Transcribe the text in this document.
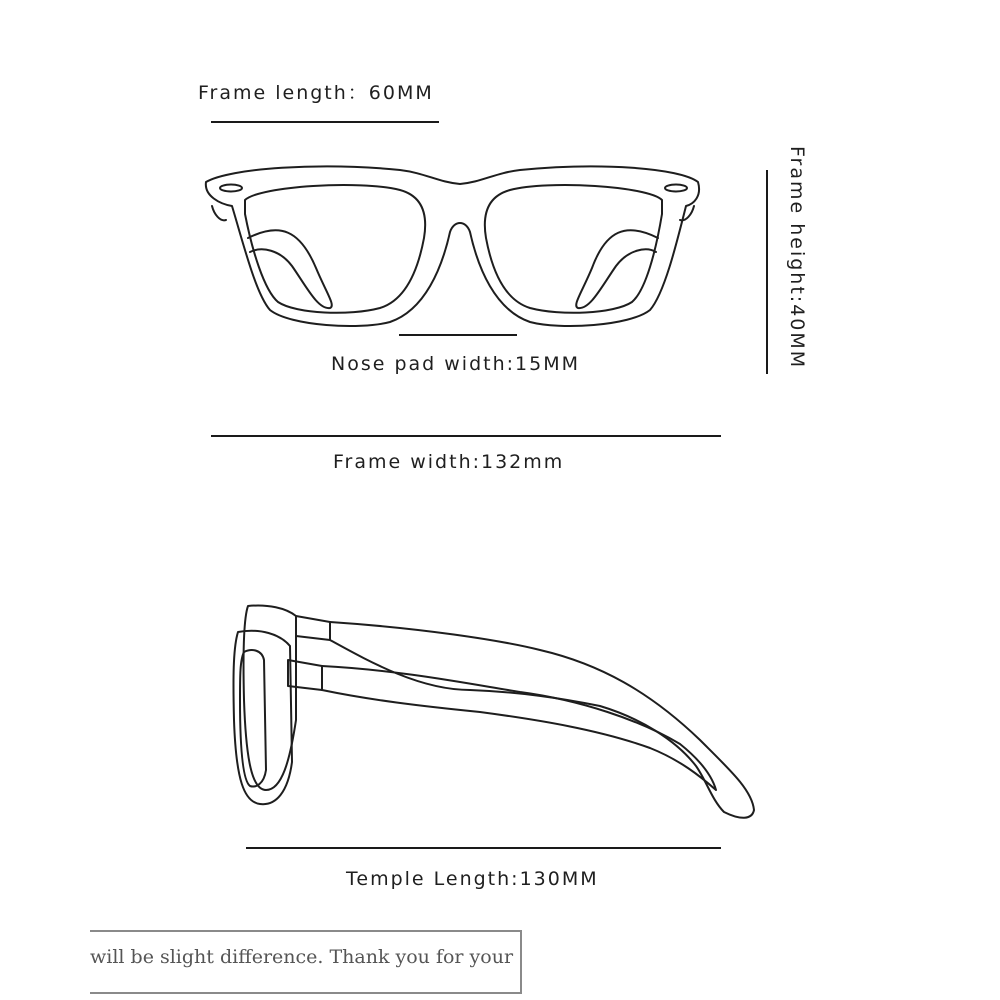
Frame length：60MM
Nose pad width:15MM
Frame width:132mm
Temple Length:130MM
Frame height:40MM
will be slight difference. Thank you for your
